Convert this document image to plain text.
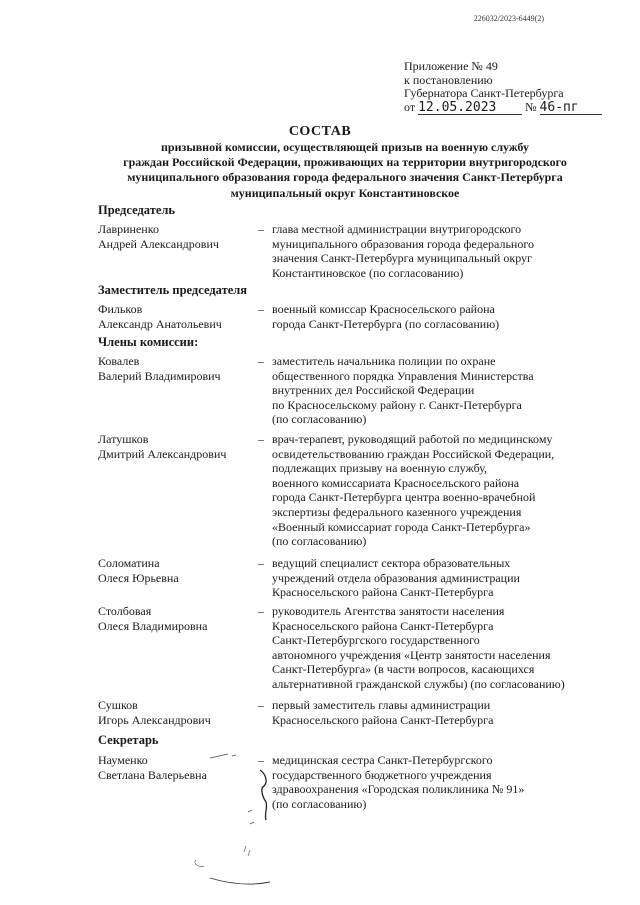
226032/2023-6449(2)
Приложение № 49
к постановлению
Губернатора Санкт-Петербурга
от 12.05.2023 № 46-пг
СОСТАВ
призывной комиссии, осуществляющей призыв на военную службу
граждан Российской Федерации, проживающих на территории внутригородского
муниципального образования города федерального значения Санкт-Петербурга
муниципальный округ Константиновское
Председатель
Лавриненко
Андрей Александрович
– глава местной администрации внутригородского
муниципального образования города федерального
значения Санкт-Петербурга муниципальный округ
Константиновское (по согласованию)
Заместитель председателя
Фильков
Александр Анатольевич
– военный комиссар Красносельского района
города Санкт-Петербурга (по согласованию)
Члены комиссии:
Ковалев
Валерий Владимирович
– заместитель начальника полиции по охране
общественного порядка Управления Министерства
внутренних дел Российской Федерации
по Красносельскому району г. Санкт-Петербурга
(по согласованию)
Латушков
Дмитрий Александрович
– врач-терапевт, руководящий работой по медицинскому
освидетельствованию граждан Российской Федерации,
подлежащих призыву на военную службу,
военного комиссариата Красносельского района
города Санкт-Петербурга центра военно-врачебной
экспертизы федерального казенного учреждения
«Военный комиссариат города Санкт-Петербурга»
(по согласованию)
Соломатина
Олеся Юрьевна
– ведущий специалист сектора образовательных
учреждений отдела образования администрации
Красносельского района Санкт-Петербурга
Столбовая
Олеся Владимировна
– руководитель Агентства занятости населения
Красносельского района Санкт-Петербурга
Санкт-Петербургского государственного
автономного учреждения «Центр занятости населения
Санкт-Петербурга» (в части вопросов, касающихся
альтернативной гражданской службы) (по согласованию)
Сушков
Игорь Александрович
– первый заместитель главы администрации
Красносельского района Санкт-Петербурга
Секретарь
Науменко
Светлана Валерьевна
– медицинская сестра Санкт-Петербургского
государственного бюджетного учреждения
здравоохранения «Городская поликлиника № 91»
(по согласованию)
